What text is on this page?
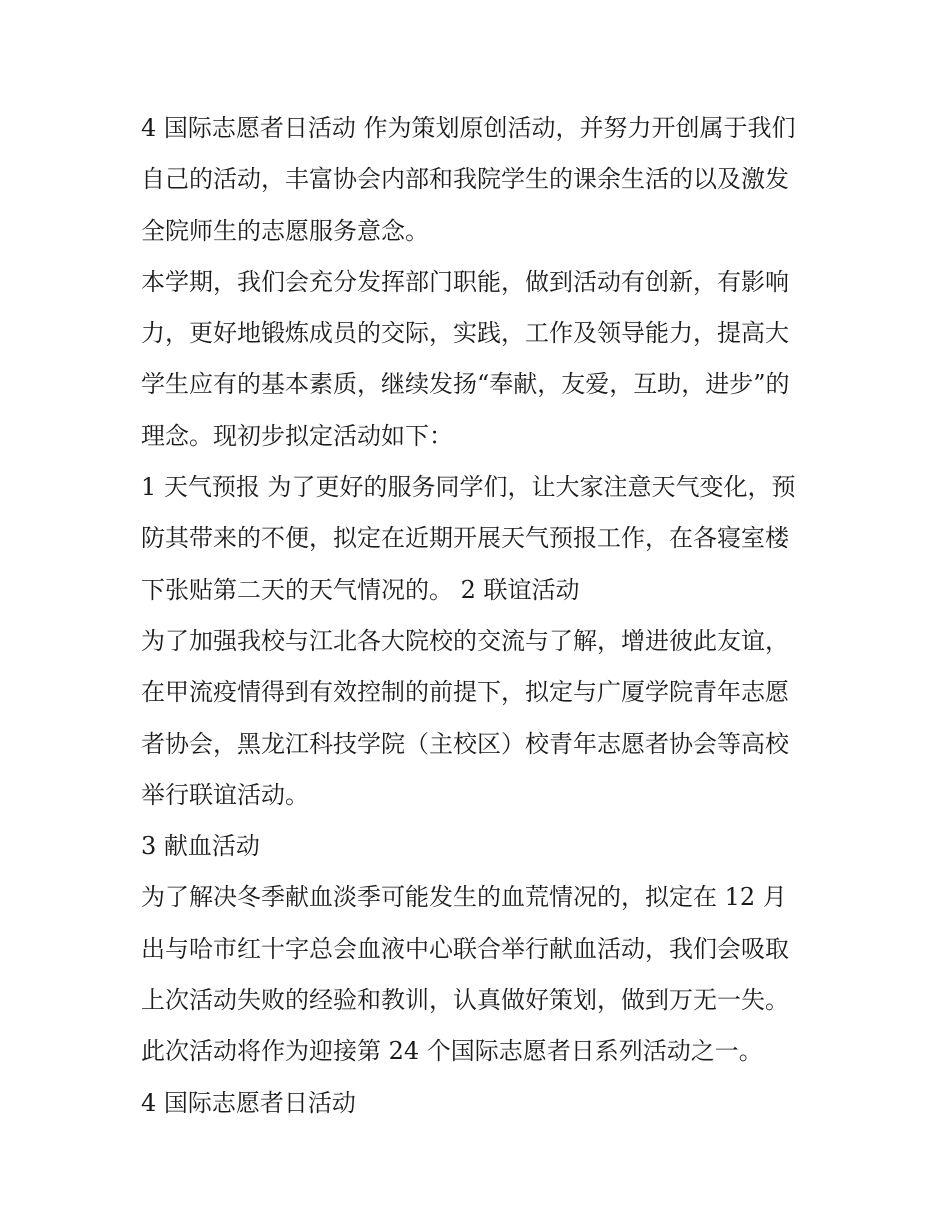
4 国际志愿者日活动 作为策划原创活动，并努力开创属于我们
自己的活动，丰富协会内部和我院学生的课余生活的以及激发
全院师生的志愿服务意念。
本学期，我们会充分发挥部门职能，做到活动有创新，有影响
力，更好地锻炼成员的交际，实践，工作及领导能力，提高大
学生应有的基本素质，继续发扬“奉献，友爱，互助，进步”的
理念。现初步拟定活动如下：
1 天气预报 为了更好的服务同学们，让大家注意天气变化，预
防其带来的不便，拟定在近期开展天气预报工作，在各寝室楼
下张贴第二天的天气情况的。 2 联谊活动
为了加强我校与江北各大院校的交流与了解，增进彼此友谊，
在甲流疫情得到有效控制的前提下，拟定与广厦学院青年志愿
者协会，黑龙江科技学院（主校区）校青年志愿者协会等高校
举行联谊活动。
3 献血活动
为了解决冬季献血淡季可能发生的血荒情况的，拟定在 12 月
出与哈市红十字总会血液中心联合举行献血活动，我们会吸取
上次活动失败的经验和教训，认真做好策划，做到万无一失。
此次活动将作为迎接第 24 个国际志愿者日系列活动之一。
4 国际志愿者日活动
